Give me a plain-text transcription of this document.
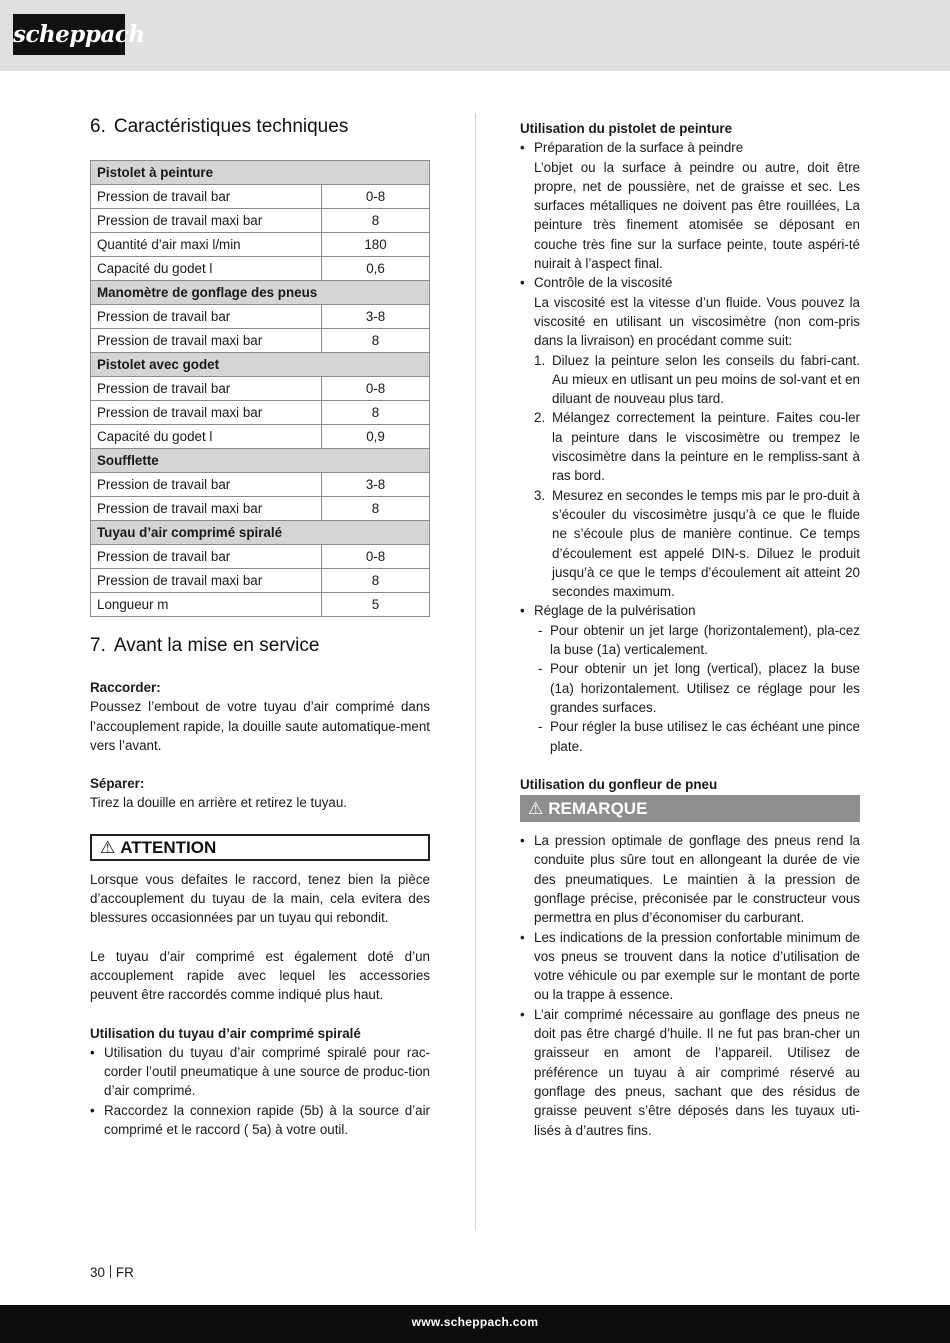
scheppach
6. Caractéristiques techniques
Pistolet à peinture	
Pression de travail bar	0-8
Pression de travail maxi bar	8
Quantité d’air maxi l/min	180
Capacité du godet l	0,6
Manomètre de gonflage des pneus	
Pression de travail bar	3-8
Pression de travail maxi bar	8
Pistolet avec godet	
Pression de travail bar	0-8
Pression de travail maxi bar	8
Capacité du godet l	0,9
Soufflette	
Pression de travail bar	3-8
Pression de travail maxi bar	8
Tuyau d’air comprimé spiralé	
Pression de travail bar	0-8
Pression de travail maxi bar	8
Longueur m	5
7. Avant la mise en service

Raccorder:

Poussez l’embout de votre tuyau d’air comprimé dans l’accouplement rapide, la douille saute automatique-ment vers l’avant.

Séparer:

Tirez la douille en arrière et retirez le tuyau.

⚠ ATTENTION

Lorsque vous defaites le raccord, tenez bien la pièce d’accouplement du tuyau de la main, cela evitera des blessures occasionnées par un tuyau qui rebondit.

Le tuyau d’air comprimé est également doté d’un accouplement rapide avec lequel les accessories peuvent être raccordés comme indiqué plus haut.

Utilisation du tuyau d’air comprimé spiralé

• Utilisation du tuyau d’air comprimé spiralé pour rac-corder l’outil pneumatique à une source de produc-tion d’air comprimé.
• Raccordez la connexion rapide (5b) à la source d’air comprimé et le raccord ( 5a) à votre outil.

Utilisation du pistolet de peinture

• Préparation de la surface à peindre

L’objet ou la surface à peindre ou autre, doit être propre, net de poussière, net de graisse et sec. Les surfaces métalliques ne doivent pas être rouillées, La peinture très finement atomisée se déposant en couche très fine sur la surface peinte, toute aspéri-té nuirait à l’aspect final.

• Contrôle de la viscosité

La viscosité est la vitesse d’un fluide. Vous pouvez la viscosité en utilisant un viscosimètre (non com-pris dans la livraison) en procédant comme suit:

1. Diluez la peinture selon les conseils du fabri-cant. Au mieux en utlisant un peu moins de sol-vant et en diluant de nouveau plus tard.
2. Mélangez correctement la peinture. Faites cou-ler la peinture dans le viscosimètre ou trempez le viscosimètre dans la peinture en le rempliss-sant à ras bord.
3. Mesurez en secondes le temps mis par le pro-duit à s’écouler du viscosimètre jusqu’à ce que le fluide ne s’écoule plus de manière continue. Ce temps d’écoulement est appelé DIN-s. Diluez le produit jusqu’à ce que le temps d’écoulement ait atteint 20 secondes maximum.
• Réglage de la pulvérisation

- Pour obtenir un jet large (horizontalement), pla-cez la buse (1a) verticalement.
- Pour obtenir un jet long (vertical), placez la buse (1a) horizontalement. Utilisez ce réglage pour les grandes surfaces.
- Pour régler la buse utilisez le cas échéant une pince plate.

Utilisation du gonfleur de pneu

⚠ REMARQUE
• La pression optimale de gonflage des pneus rend la conduite plus sûre tout en allongeant la durée de vie des pneumatiques. Le maintien à la pression de gonflage précise, préconisée par le constructeur vous permettra en plus d’économiser du carburant.
• Les indications de la pression confortable minimum de vos pneus se trouvent dans la notice d’utilisation de votre véhicule ou par exemple sur le montant de porte ou la trappe à essence.
• L’air comprimé nécessaire au gonflage des pneus ne doit pas être chargé d’huile. Il ne fut pas bran-cher un graisseur en amont de l’appareil. Utilisez de préférence un tuyau à air comprimé réservé au gonflage des pneus, sachant que des résidus de graisse peuvent s’être déposés dans les tuyaux uti-lisés à d’autres fins.
30 FR
www.scheppach.com
